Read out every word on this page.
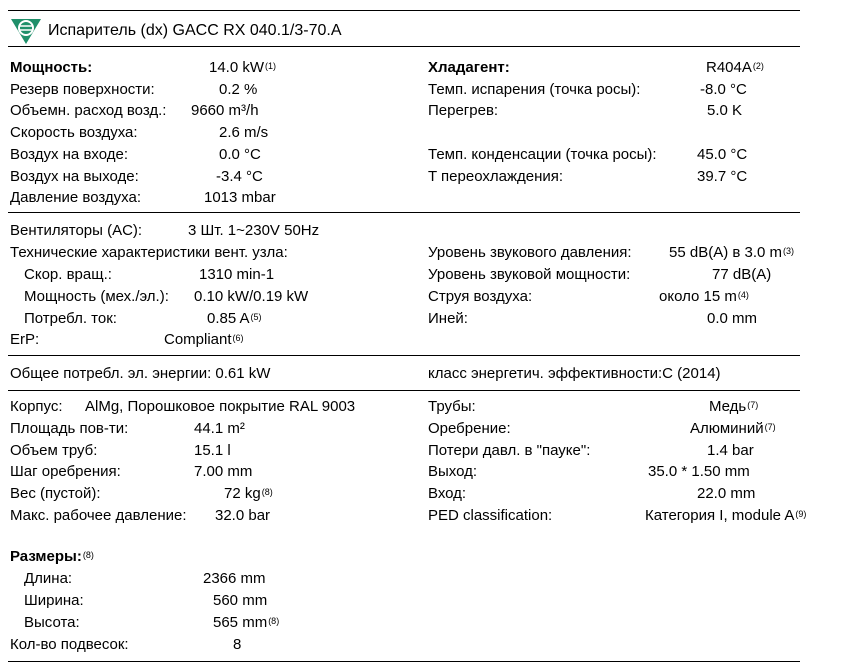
Испаритель (dx) GACC RX 040.1/3-70.A
Мощность:	14.0 $kW^{(1)}$
Резерв поверхности:	0.2 %
Объемн. расход возд.: 9660 m³/h
Скорость воздуха:	2.6 m/s
Воздух на входе:	0.0 °C
Воздух на выходе:	-3.4 °C
Давление воздуха:	1013 mbar
Хладагент:	$R404A^{(2)}$
Темп. испарения (точка росы):	-8.0 °C
Перегрев:	5.0 K
Темп. конденсации (точка росы):	45.0 °C
T переохлаждения:	39.7 °C
Вентиляторы (AC):	3 Шт. 1~230V 50Hz
Технические характеристики вент. узла:
Скор. вращ.:	1310 min-1
Мощность (мех./эл.): 0.10 kW/0.19 kW
Потребл. ток:	0.85 $A^{(5)}$
ErP:	Compliant$^{(6)}$
Уровень звукового давления: 55 dB(A) в 3.0 $m^{(3)}$
Уровень звуковой мощности:	77 dB(A)
Струя воздуха:	около 15 $m^{(4)}$
Иней:	0.0 mm
Общее потребл. эл. энергии: 0.61 kW	класс энергетич. эффективности:C (2014)
Корпус: AlMg, Порошковое покрытие RAL 9003
Площадь пов-ти:	44.1 m²
Объем труб:	15.1 l
Шаг оребрения:	7.00 mm
Вес (пустой):	72 $kg^{(8)}$
Макс. рабочее давление: 32.0 bar
Трубы:	Медь$^{(7)}$
Оребрение:	Алюминий$^{(7)}$
Потери давл. в "пауке":	1.4 bar
Выход:	35.0 * 1.50 mm
Вход:	22.0 mm
PED classification:	Категория I, module $A^{(9)}$
Размеры:$^{(8)}$
Длина:	2366 mm
Ширина:	560 mm
Высота:	565 $mm^{(8)}$
Кол-во подвесок:	8
